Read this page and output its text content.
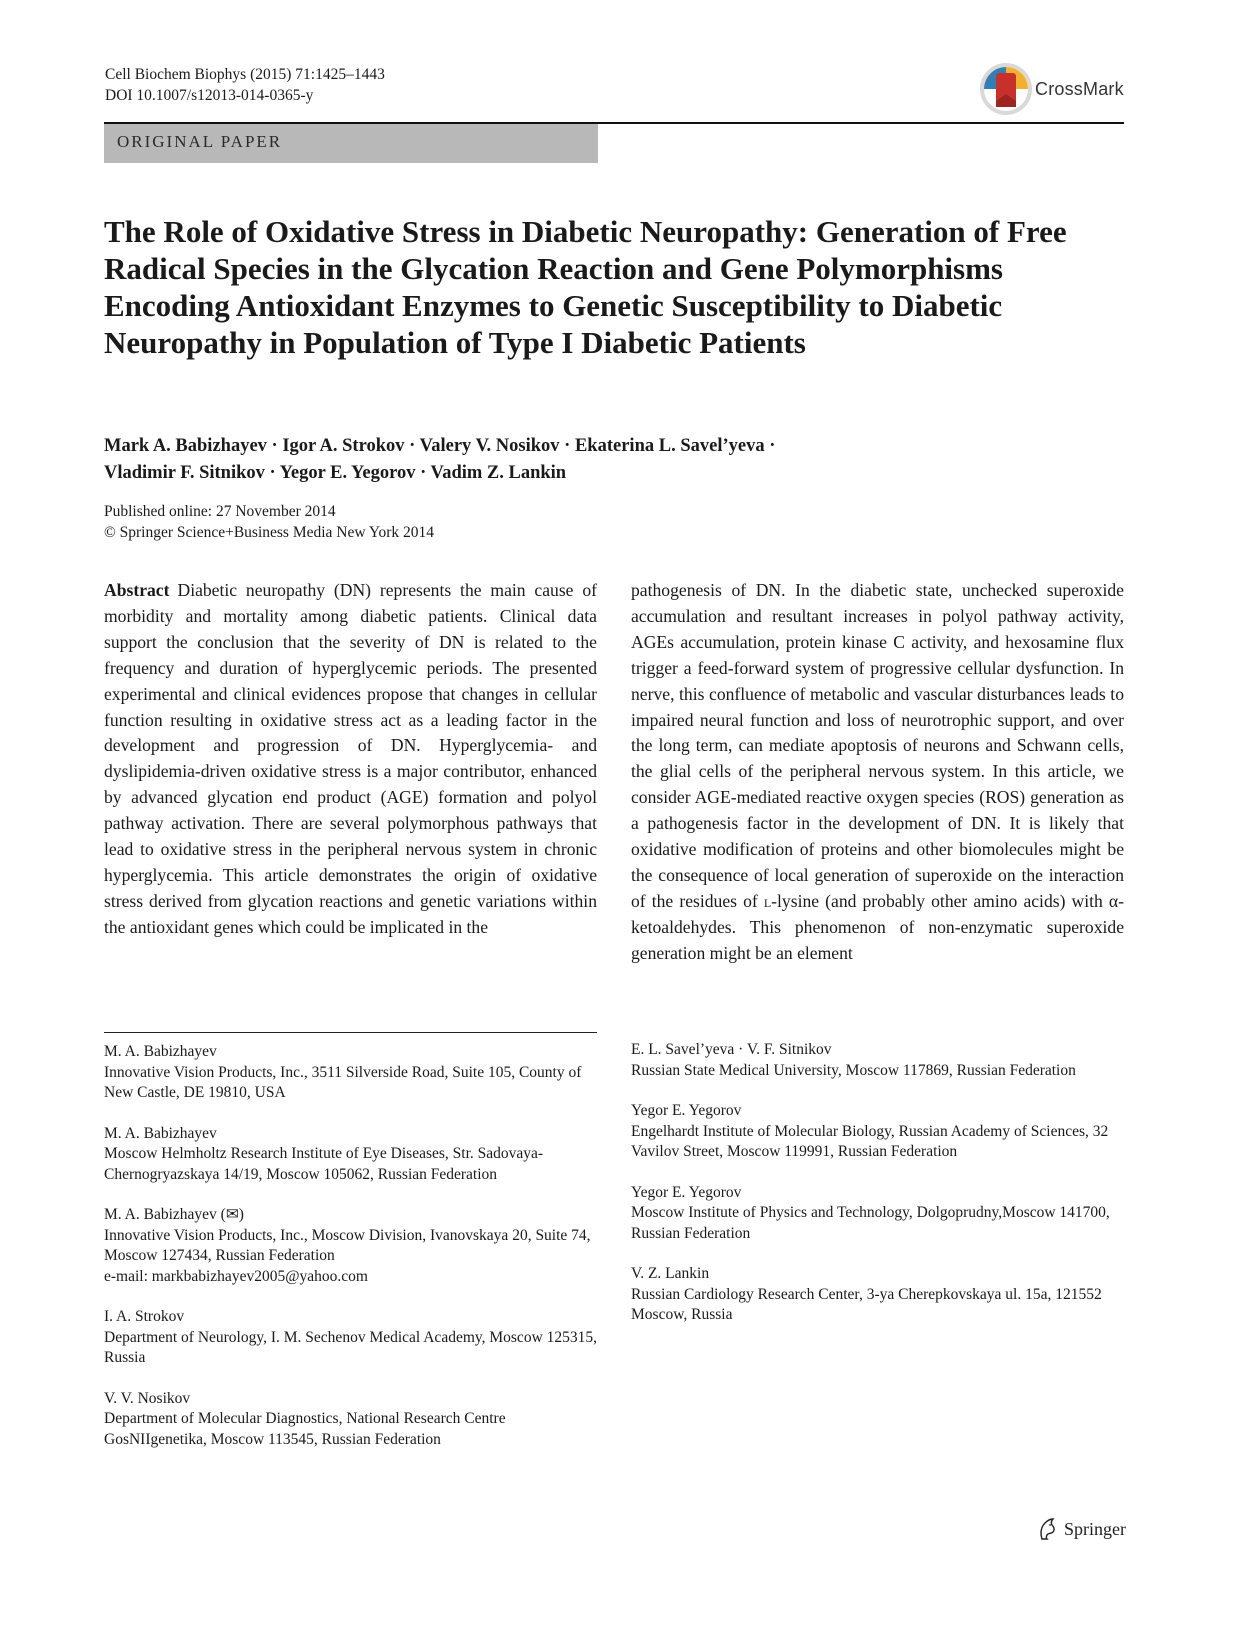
Cell Biochem Biophys (2015) 71:1425–1443
DOI 10.1007/s12013-014-0365-y	CrossMark
ORIGINAL PAPER
The Role of Oxidative Stress in Diabetic Neuropathy: Generation of Free Radical Species in the Glycation Reaction and Gene Polymorphisms Encoding Antioxidant Enzymes to Genetic Susceptibility to Diabetic Neuropathy in Population of Type I Diabetic Patients
Mark A. Babizhayev · Igor A. Strokov · Valery V. Nosikov · Ekaterina L. Savel’yeva ·
Vladimir F. Sitnikov · Yegor E. Yegorov · Vadim Z. Lankin
Published online: 27 November 2014
© Springer Science+Business Media New York 2014

Abstract Diabetic neuropathy (DN) represents the main cause of morbidity and mortality among diabetic patients. Clinical data support the conclusion that the severity of DN is related to the frequency and duration of hyperglycemic periods. The presented experimental and clinical evidences propose that changes in cellular function resulting in oxidative stress act as a leading factor in the development and progression of DN. Hyperglycemia- and dyslipidemia-driven oxidative stress is a major contributor, enhanced by advanced glycation end product (AGE) formation and polyol pathway activation. There are several polymorphous pathways that lead to oxidative stress in the peripheral nervous system in chronic hyperglycemia. This article demonstrates the origin of oxidative stress derived from glycation reactions and genetic variations within the antioxidant genes which could be implicated in the

pathogenesis of DN. In the diabetic state, unchecked superoxide accumulation and resultant increases in polyol pathway activity, AGEs accumulation, protein kinase C activity, and hexosamine flux trigger a feed-forward system of progressive cellular dysfunction. In nerve, this confluence of metabolic and vascular disturbances leads to impaired neural function and loss of neurotrophic support, and over the long term, can mediate apoptosis of neurons and Schwann cells, the glial cells of the peripheral nervous system. In this article, we consider AGE-mediated reactive oxygen species (ROS) generation as a pathogenesis factor in the development of DN. It is likely that oxidative modification of proteins and other biomolecules might be the consequence of local generation of superoxide on the interaction of the residues of l-lysine (and probably other amino acids) with α-ketoaldehydes. This phenomenon of non-enzymatic superoxide generation might be an element

M. A. Babizhayev
Innovative Vision Products, Inc., 3511 Silverside Road, Suite 105, County of New Castle, DE 19810, USA
M. A. Babizhayev
Moscow Helmholtz Research Institute of Eye Diseases, Str. Sadovaya-Chernogryazskaya 14/19, Moscow 105062, Russian Federation
M. A. Babizhayev (✉)
Innovative Vision Products, Inc., Moscow Division, Ivanovskaya 20, Suite 74, Moscow 127434, Russian Federation
e-mail: markbabizhayev2005@yahoo.com
I. A. Strokov
Department of Neurology, I. M. Sechenov Medical Academy, Moscow 125315, Russia
V. V. Nosikov
Department of Molecular Diagnostics, National Research Centre GosNIIgenetika, Moscow 113545, Russian Federation
E. L. Savel’yeva · V. F. Sitnikov
Russian State Medical University, Moscow 117869, Russian Federation
Yegor E. Yegorov
Engelhardt Institute of Molecular Biology, Russian Academy of Sciences, 32 Vavilov Street, Moscow 119991, Russian Federation
Yegor E. Yegorov
Moscow Institute of Physics and Technology, Dolgoprudny,Moscow 141700, Russian Federation
V. Z. Lankin
Russian Cardiology Research Center, 3-ya Cherepkovskaya ul. 15a, 121552 Moscow, Russia
Springer
